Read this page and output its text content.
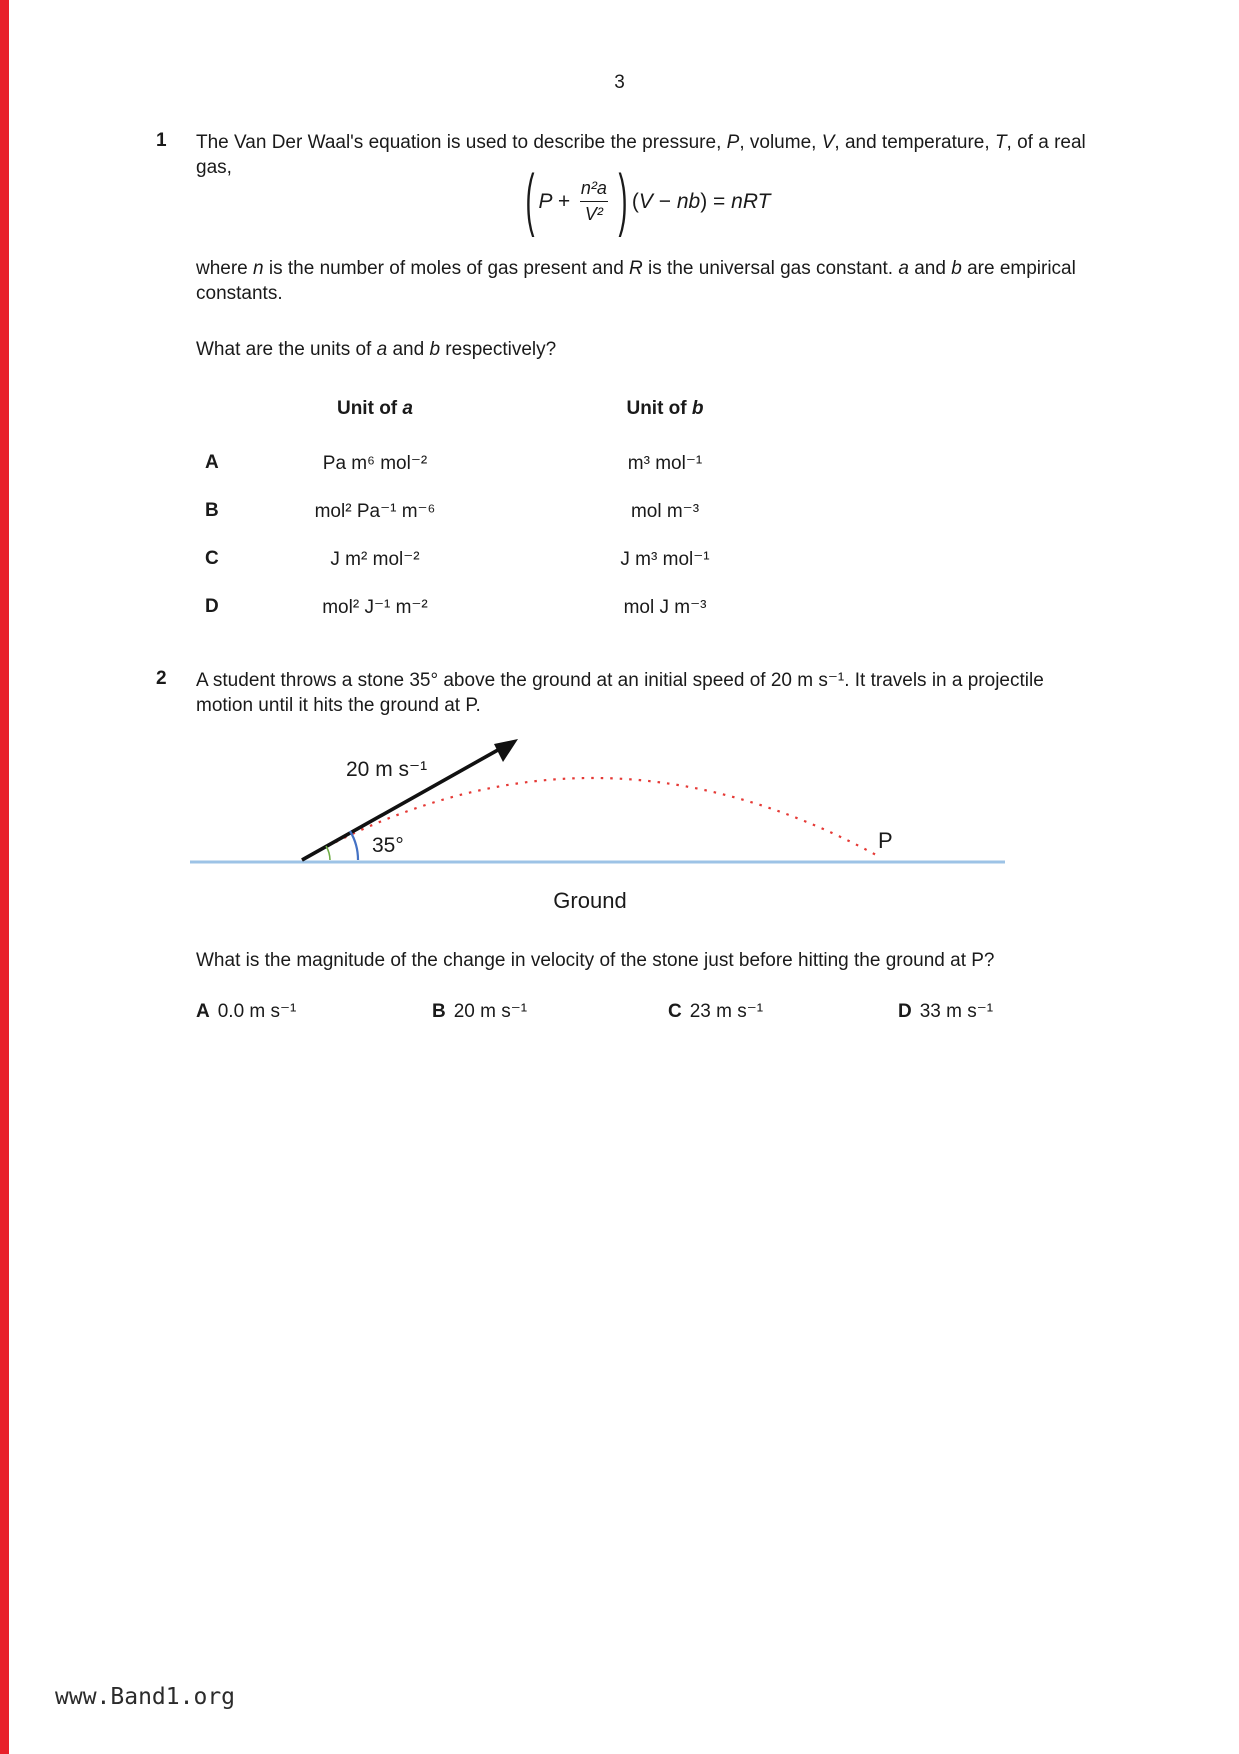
3
1 The Van Der Waal's equation is used to describe the pressure, P, volume, V, and temperature, T, of a real gas,	( $P + \frac{\text{n²a}}{\text{V²}}$ ) (V − nb) = nRT
where n is the number of moles of gas present and R is the universal gas constant. a and b are empirical constants.
What are the units of a and b respectively?
Unit of a	Unit of b
A	Pa m⁶ mol⁻²	m³ mol⁻¹
B	mol² Pa⁻¹ m⁻⁶	mol m⁻³
C	J m² mol⁻²	J m³ mol⁻¹
D	mol² J⁻¹ m⁻²	mol J m⁻³
2 A student throws a stone 35° above the ground at an initial speed of 20 m s⁻¹. It travels in a projectile motion until it hits the ground at P.
20 m s⁻¹
35°	P
Ground
What is the magnitude of the change in velocity of the stone just before hitting the ground at P?
A 0.0 m s⁻¹	B 20 m s⁻¹	C 23 m s⁻¹	D 33 m s⁻¹
www.Band1.org
